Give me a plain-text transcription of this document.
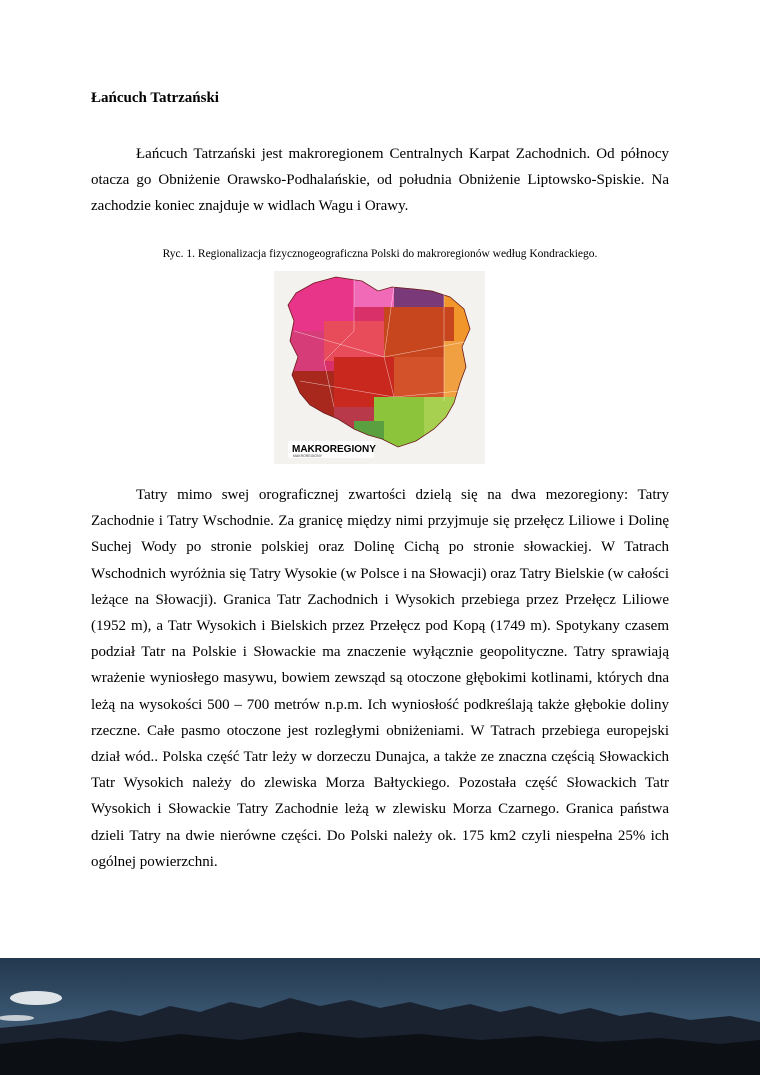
Łańcuch Tatrzański

Łańcuch Tatrzański jest makroregionem Centralnych Karpat Zachodnich. Od północy otacza go Obniżenie Orawsko-Podhalańskie, od południa Obniżenie Liptowsko-Spiskie. Na zachodzie koniec znajduje w widlach Wagu i Orawy.

Ryc. 1. Regionalizacja fizycznogeograficzna Polski do makroregionów według Kondrackiego.

MAKROREGIONY
MAKROREGIONY

Tatry mimo swej orograficznej zwartości dzielą się na dwa mezoregiony: Tatry Zachodnie i Tatry Wschodnie. Za granicę między nimi przyjmuje się przełęcz Liliowe i Dolinę Suchej Wody po stronie polskiej oraz Dolinę Cichą po stronie słowackiej. W Tatrach Wschodnich wyróżnia się Tatry Wysokie (w Polsce i na Słowacji) oraz Tatry Bielskie (w całości leżące na Słowacji). Granica Tatr Zachodnich i Wysokich przebiega przez Przełęcz Liliowe (1952 m), a Tatr Wysokich i Bielskich przez Przełęcz pod Kopą (1749 m). Spotykany czasem podział Tatr na Polskie i Słowackie ma znaczenie wyłącznie geopolityczne. Tatry sprawiają wrażenie wyniosłego masywu, bowiem zewsząd są otoczone głębokimi kotlinami, których dna leżą na wysokości 500 – 700 metrów n.p.m. Ich wyniosłość podkreślają także głębokie doliny rzeczne. Całe pasmo otoczone jest rozległymi obniżeniami. W Tatrach przebiega europejski dział wód.. Polska część Tatr leży w dorzeczu Dunajca, a także ze znaczna częścią Słowackich Tatr Wysokich należy do zlewiska Morza Bałtyckiego. Pozostała część Słowackich Tatr Wysokich i Słowackie Tatry Zachodnie leżą w zlewisku Morza Czarnego. Granica państwa dzieli Tatry na dwie nierówne części. Do Polski należy ok. 175 km2 czyli niespełna 25% ich ogólnej powierzchni.
